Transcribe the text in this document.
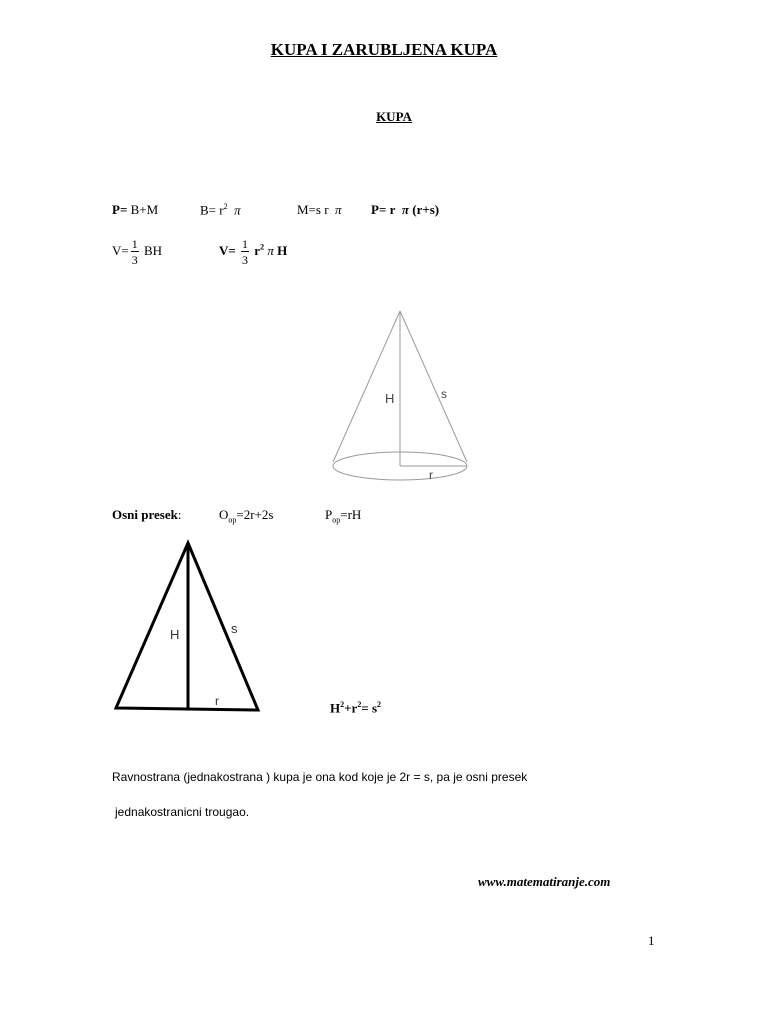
KUPA I ZARUBLJENA KUPA
KUPA
P= B+M	$B= r^2$ π	M=s r π P= r π (r+s)
$V= \frac{1}{3}$ BH	$V= \frac{1}{3} r^2$ π H
H	s
r
Osni presek:	$O_{op}=2r+2s$	$P_{op}=rH$
H	s
r	$H^2+r^2= s^2$
Ravnostrana (jednakostrana ) kupa je ona kod koje je 2r = s, pa je osni presek
jednakostranicni trougao.
www.matematiranje.com
1
